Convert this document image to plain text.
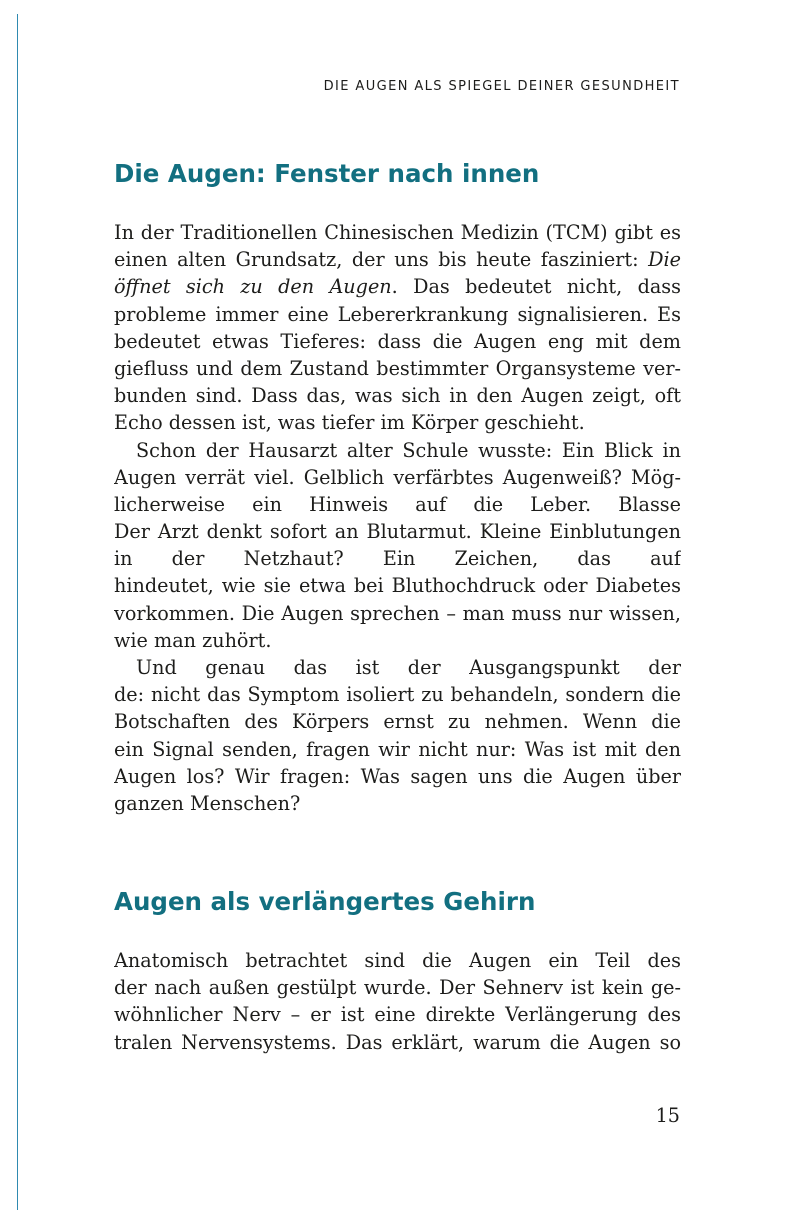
DIE AUGEN ALS SPIEGEL DEINER GESUNDHEIT
Die Augen: Fenster nach innen
In der Traditionellen Chinesischen Medizin (TCM) gibt es
einen alten Grundsatz, der uns bis heute fasziniert: Die
öffnet sich zu den Augen. Das bedeutet nicht, dass
probleme immer eine Lebererkrankung signalisieren. Es
bedeutet etwas Tieferes: dass die Augen eng mit dem
giefluss und dem Zustand bestimmter Organsysteme ver-
bunden sind. Dass das, was sich in den Augen zeigt, oft
Echo dessen ist, was tiefer im Körper geschieht.
Schon der Hausarzt alter Schule wusste: Ein Blick in
Augen verrät viel. Gelblich verfärbtes Augenweiß? Mög-
licherweise ein Hinweis auf die Leber. Blasse
Der Arzt denkt sofort an Blutarmut. Kleine Einblutungen
in der Netzhaut? Ein Zeichen, das auf
hindeutet, wie sie etwa bei Bluthochdruck oder Diabetes
vorkommen. Die Augen sprechen – man muss nur wissen,
wie man zuhört.
Und genau das ist der Ausgangspunkt der
de: nicht das Symptom isoliert zu behandeln, sondern die
Botschaften des Körpers ernst zu nehmen. Wenn die
ein Signal senden, fragen wir nicht nur: Was ist mit den
Augen los? Wir fragen: Was sagen uns die Augen über
ganzen Menschen?
Augen als verlängertes Gehirn
Anatomisch betrachtet sind die Augen ein Teil des
der nach außen gestülpt wurde. Der Sehnerv ist kein ge-
wöhnlicher Nerv – er ist eine direkte Verlängerung des
tralen Nervensystems. Das erklärt, warum die Augen so
15
